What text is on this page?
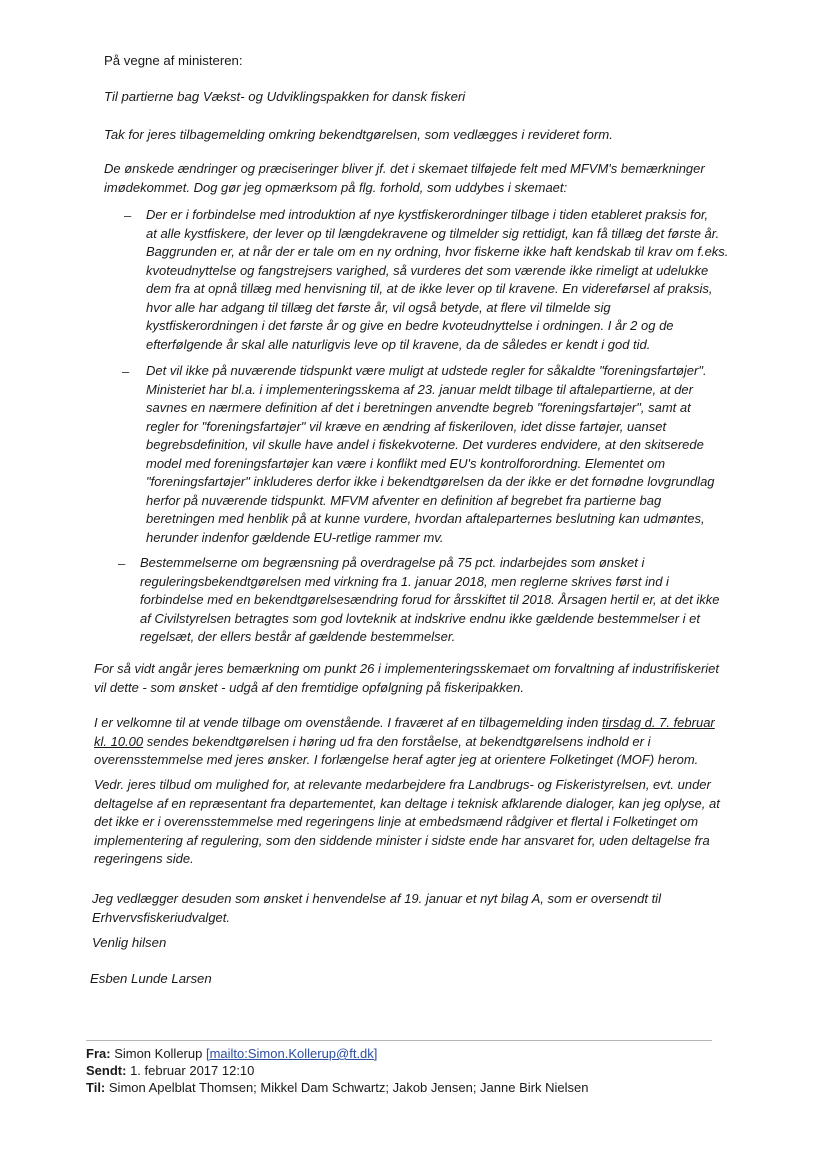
På vegne af ministeren:
Til partierne bag Vækst- og Udviklingspakken for dansk fiskeri
Tak for jeres tilbagemelding omkring bekendtgørelsen, som vedlægges i revideret form.
De ønskede ændringer og præciseringer bliver jf. det i skemaet tilføjede felt med MFVM's bemærkninger
imødekommet. Dog gør jeg opmærksom på flg. forhold, som uddybes i skemaet:
– Der er i forbindelse med introduktion af nye kystfiskerordninger tilbage i tiden etableret praksis for,
at alle kystfiskere, der lever op til længdekravene og tilmelder sig rettidigt, kan få tillæg det første år.
Baggrunden er, at når der er tale om en ny ordning, hvor fiskerne ikke haft kendskab til krav om f.eks.
kvoteudnyttelse og fangstrejsers varighed, så vurderes det som værende ikke rimeligt at udelukke
dem fra at opnå tillæg med henvisning til, at de ikke lever op til kravene. En videreførsel af praksis,
hvor alle har adgang til tillæg det første år, vil også betyde, at flere vil tilmelde sig
kystfiskerordningen i det første år og give en bedre kvoteudnyttelse i ordningen. I år 2 og de
efterfølgende år skal alle naturligvis leve op til kravene, da de således er kendt i god tid.
– Det vil ikke på nuværende tidspunkt være muligt at udstede regler for såkaldte "foreningsfartøjer".
Ministeriet har bl.a. i implementeringsskema af 23. januar meldt tilbage til aftalepartierne, at der
savnes en nærmere definition af det i beretningen anvendte begreb "foreningsfartøjer", samt at
regler for "foreningsfartøjer" vil kræve en ændring af fiskeriloven, idet disse fartøjer, uanset
begrebsdefinition, vil skulle have andel i fiskekvoterne. Det vurderes endvidere, at den skitserede
model med foreningsfartøjer kan være i konflikt med EU's kontrolforordning. Elementet om
"foreningsfartøjer" inkluderes derfor ikke i bekendtgørelsen da der ikke er det fornødne lovgrundlag
herfor på nuværende tidspunkt. MFVM afventer en definition af begrebet fra partierne bag
beretningen med henblik på at kunne vurdere, hvordan aftaleparternes beslutning kan udmøntes,
herunder indenfor gældende EU-retlige rammer mv.
– Bestemmelserne om begrænsning på overdragelse på 75 pct. indarbejdes som ønsket i
reguleringsbekendtgørelsen med virkning fra 1. januar 2018, men reglerne skrives først ind i
forbindelse med en bekendtgørelsesændring forud for årsskiftet til 2018. Årsagen hertil er, at det ikke
af Civilstyrelsen betragtes som god lovteknik at indskrive endnu ikke gældende bestemmelser i et
regelsæt, der ellers består af gældende bestemmelser.
For så vidt angår jeres bemærkning om punkt 26 i implementeringsskemaet om forvaltning af industrifiskeriet
vil dette - som ønsket - udgå af den fremtidige opfølgning på fiskeripakken.
I er velkomne til at vende tilbage om ovenstående. I fraværet af en tilbagemelding inden tirsdag d. 7. februar
kl. 10.00 sendes bekendtgørelsen i høring ud fra den forståelse, at bekendtgørelsens indhold er i
overensstemmelse med jeres ønsker. I forlængelse heraf agter jeg at orientere Folketinget (MOF) herom.
Vedr. jeres tilbud om mulighed for, at relevante medarbejdere fra Landbrugs- og Fiskeristyrelsen, evt. under
deltagelse af en repræsentant fra departementet, kan deltage i teknisk afklarende dialoger, kan jeg oplyse, at
det ikke er i overensstemmelse med regeringens linje at embedsmænd rådgiver et flertal i Folketinget om
implementering af regulering, som den siddende minister i sidste ende har ansvaret for, uden deltagelse fra
regeringens side.
Jeg vedlægger desuden som ønsket i henvendelse af 19. januar et nyt bilag A, som er oversendt til
Erhvervsfiskeriudvalget.
Venlig hilsen
Esben Lunde Larsen
Fra: Simon Kollerup [mailto:Simon.Kollerup@ft.dk]
Sendt: 1. februar 2017 12:10
Til: Simon Apelblat Thomsen; Mikkel Dam Schwartz; Jakob Jensen; Janne Birk Nielsen
